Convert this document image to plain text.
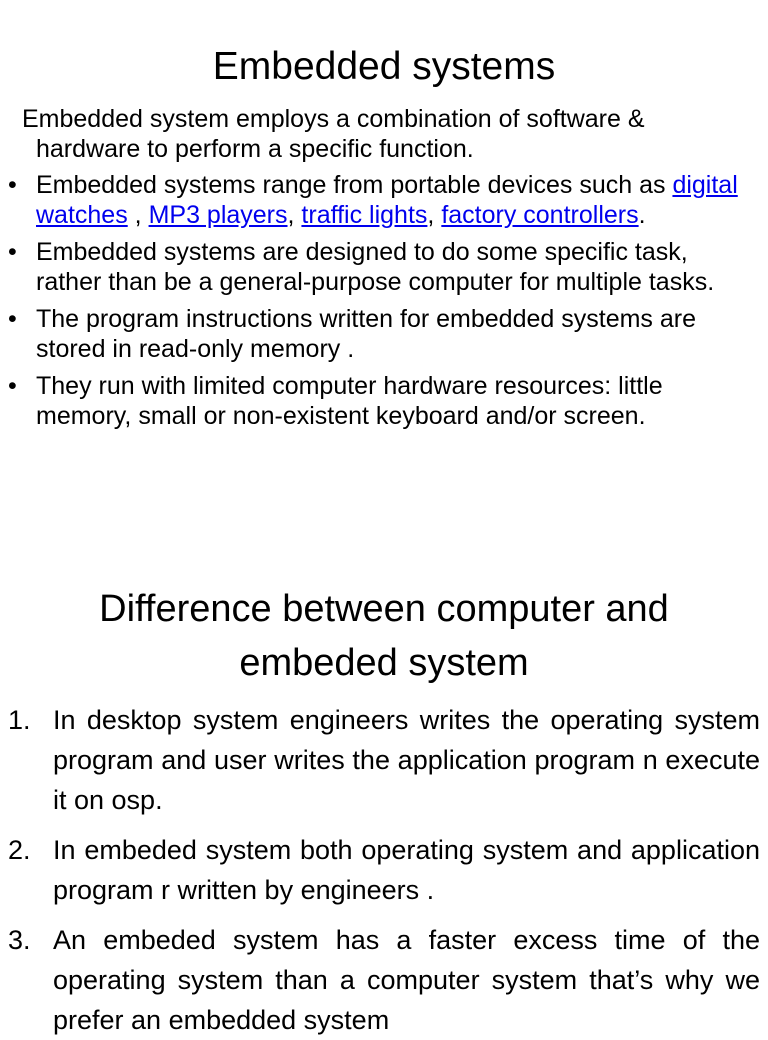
Embedded systems

Embedded system employs a combination of software &
hardware to perform a specific function.

• Embedded systems range from portable devices such as digital watches , MP3 players, traffic lights, factory controllers.
• Embedded systems are designed to do some specific task, rather than be a general-purpose computer for multiple tasks.
• The program instructions written for embedded systems are stored in read-only memory .
• They run with limited computer hardware resources: little memory, small or non-existent keyboard and/or screen.
Difference between computer and
embeded system
1. In desktop system engineers writes the operating system program and user writes the application program n execute it on osp.
2. In embeded system both operating system and application program r written by engineers .
3. An embeded system has a faster excess time of the operating system than a computer system that’s why we prefer an embedded system
